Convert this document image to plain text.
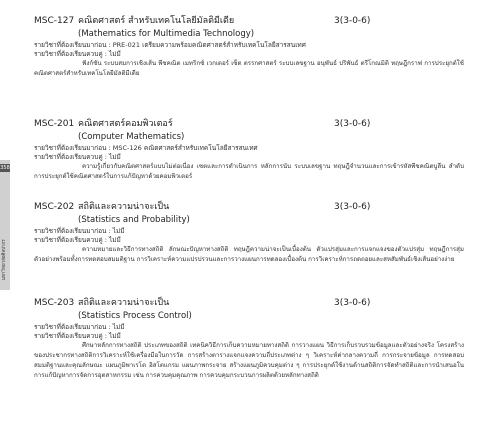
358
มหาวิทยาลัยศิลปากร
MSC-127 คณิตศาสตร์ สำหรับเทคโนโลยีมัลติมีเดีย	3(3-0-6)
(Mathematics for Multimedia Technology)
รายวิชาที่ต้องเรียนมาก่อน : PRE-021 เตรียมความพร้อมคณิตศาสตร์สำหรับเทคโนโลยีสารสนเทศ
รายวิชาที่ต้องเรียนควบคู่ : ไม่มี

ฟังก์ชัน ระบบสมการเชิงเส้น พีชคณิต เมทริกซ์ เวกเตอร์ เซ็ต ตรรกศาสตร์ ระบบเลขฐาน อนุพันธ์ ปริพันธ์ ตรีโกณมิติ ทฤษฎีกราฟ การประยุกต์ใช้คณิตศาสตร์สำหรับเทคโนโลยีมัลติมีเดีย

MSC-201 คณิตศาสตร์คอมพิวเตอร์	3(3-0-6)
(Computer Mathematics)
รายวิชาที่ต้องเรียนมาก่อน : MSC-126 คณิตศาสตร์สำหรับเทคโนโลยีสารสนเทศ
รายวิชาที่ต้องเรียนควบคู่ : ไม่มี

ความรู้เกี่ยวกับคณิตศาสตร์แบบไม่ต่อเนื่อง เซตและการดำเนินการ หลักการนับ ระบบเลขฐาน ทฤษฎีจำนวนและการเข้ารหัสพีชคณิตบูลีน ลำดับ การประยุกต์ใช้คณิตศาสตร์ในการแก้ปัญหาด้วยคอมพิวเตอร์

MSC-202 สถิติและความน่าจะเป็น	3(3-0-6)
(Statistics and Probability)
รายวิชาที่ต้องเรียนมาก่อน : ไม่มี
รายวิชาที่ต้องเรียนควบคู่ : ไม่มี

ความหมายและวิธีการทางสถิติ ลักษณะปัญหาทางสถิติ ทฤษฎีความน่าจะเป็นเบื้องต้น ตัวแปรสุ่มและการแจกแจงของตัวแปรสุ่ม ทฤษฎีการสุ่มตัวอย่างพร้อมทั้งการทดสอบสมมติฐาน การวิเคราะห์ความแปรปรวนและการวางแผนการทดลองเบื้องต้น การวิเคราะห์การถดถอยและสหสัมพันธ์เชิงเส้นอย่างง่าย

MSC-203 สถิติและความน่าจะเป็น	3(3-0-6)
(Statistics Process Control)
รายวิชาที่ต้องเรียนมาก่อน : ไม่มี
รายวิชาที่ต้องเรียนควบคู่ : ไม่มี

ศึกษาหลักการทางสถิติ ประเภทของสถิติ เทคนิควิธีการเก็บความหมายทางสถิติ การวางแผน วิธีการเก็บรวบรวมข้อมูลและตัวอย่างจริง โครงสร้างของประชากรทางสถิติการวิเคราะห์ใช้เครื่องมือในการวัด การสร้างตารางแจกแจงความถี่ประเภทต่าง ๆ วิเคราะห์ค่ากลางความถี่ การกระจายข้อมูล การทดสอบสมมติฐานและคุณลักษณะ แผนภูมิพาเรโต ฮิสโตแกรม แผนภาพกระจาย สร้างแผนภูมิควบคุมต่าง ๆ การประยุกต์ใช้งานด้านสถิติการจัดทำสถิติและการนำเสนอในการแก้ปัญหาการจัดการอุตสาหกรรม เช่น การควบคุมคุณภาพ การควบคุมกระบวนการผลิตด้วยหลักทางสถิติ
